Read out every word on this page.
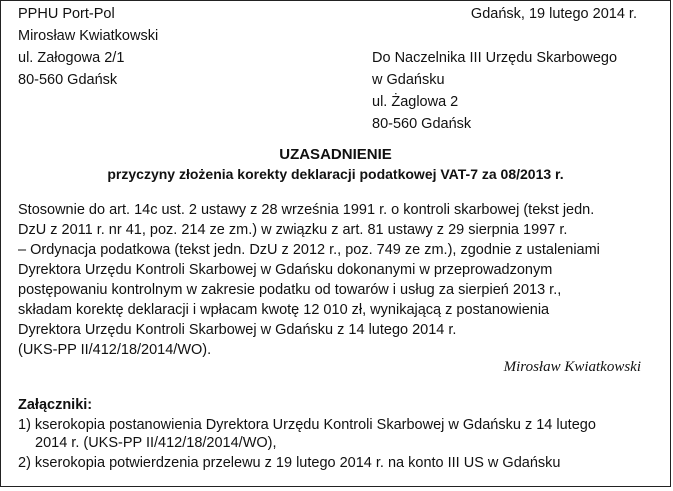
PPHU Port-Pol

Mirosław Kwiatkowski

ul. Załogowa 2/1

80-560 Gdańsk

Gdańsk, 19 lutego 2014 r.

Do Naczelnika III Urzędu Skarbowego

w Gdańsku

ul. Żaglowa 2

80-560 Gdańsk

UZASADNIENIE

przyczyny złożenia korekty deklaracji podatkowej VAT-7 za 08/2013 r.

Stosownie do art. 14c ust. 2 ustawy z 28 września 1991 r. o kontroli skarbowej (tekst jedn.

DzU z 2011 r. nr 41, poz. 214 ze zm.) w związku z art. 81 ustawy z 29 sierpnia 1997 r.

– Ordynacja podatkowa (tekst jedn. DzU z 2012 r., poz. 749 ze zm.), zgodnie z ustaleniami

Dyrektora Urzędu Kontroli Skarbowej w Gdańsku dokonanymi w przeprowadzonym

postępowaniu kontrolnym w zakresie podatku od towarów i usług za sierpień 2013 r.,

składam korektę deklaracji i wpłacam kwotę 12 010 zł, wynikającą z postanowienia

Dyrektora Urzędu Kontroli Skarbowej w Gdańsku z 14 lutego 2014 r.

(UKS-PP II/412/18/2014/WO).

Mirosław Kwiatkowski

Załączniki:

1) kserokopia postanowienia Dyrektora Urzędu Kontroli Skarbowej w Gdańsku z 14 lutego

2014 r. (UKS-PP II/412/18/2014/WO),

2) kserokopia potwierdzenia przelewu z 19 lutego 2014 r. na konto III US w Gdańsku
